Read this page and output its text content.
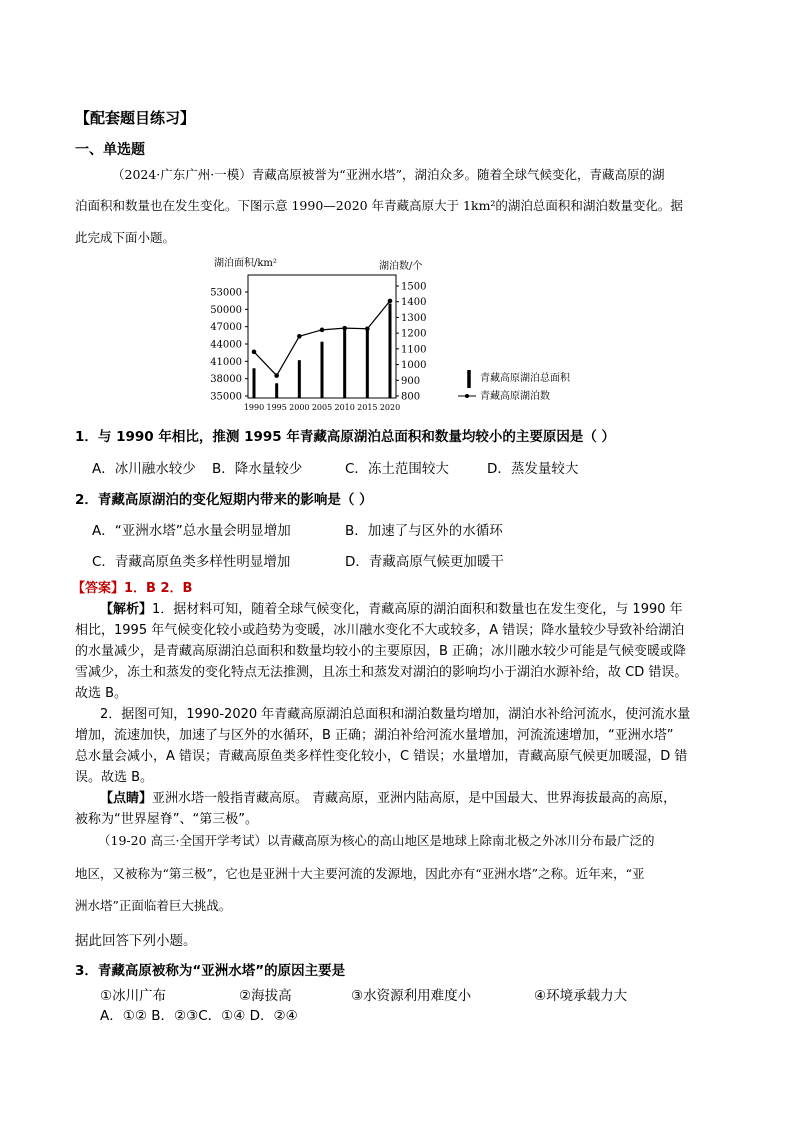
【配套题目练习】
一、单选题
（2024·广东广州·一模）青藏高原被誉为“亚洲水塔”，湖泊众多。随着全球气候变化，青藏高原的湖
泊面积和数量也在发生变化。下图示意 1990—2020 年青藏高原大于 1km²的湖泊总面积和湖泊数量变化。据
此完成下面小题。
湖泊面积/km²	湖泊数/个
53000
50000
47000
44000
41000
38000
35000
1500
1400
1300
1200
1100
1000
900
800
1990 1995 2000 2005 2010 2015 2020
青藏高原湖泊总面积
青藏高原湖泊数
1．与 1990 年相比，推测 1995 年青藏高原湖泊总面积和数量均较小的主要原因是（ ）
A．冰川融水较少 B．降水量较少	C．冻土范围较大	D．蒸发量较大
2．青藏高原湖泊的变化短期内带来的影响是（ ）
A．“亚洲水塔”总水量会明显增加	B．加速了与区外的水循环
C．青藏高原鱼类多样性明显增加	D．青藏高原气候更加暖干
【答案】1．B 2．B
【解析】1．据材料可知，随着全球气候变化，青藏高原的湖泊面积和数量也在发生变化，与 1990 年
相比，1995 年气候变化较小或趋势为变暖，冰川融水变化不大或较多，A 错误；降水量较少导致补给湖泊
的水量减少，是青藏高原湖泊总面积和数量均较小的主要原因，B 正确；冰川融水较少可能是气候变暖或降
雪减少，冻土和蒸发的变化特点无法推测，且冻土和蒸发对湖泊的影响均小于湖泊水源补给，故 CD 错误。
故选 B。
2．据图可知，1990-2020 年青藏高原湖泊总面积和湖泊数量均增加，湖泊水补给河流水，使河流水量
增加，流速加快，加速了与区外的水循环，B 正确；湖泊补给河流水量增加，河流流速增加，“亚洲水塔”
总水量会减小，A 错误；青藏高原鱼类多样性变化较小，C 错误；水量增加，青藏高原气候更加暖湿，D 错
误。故选 B。
【点睛】亚洲水塔一般指青藏高原。 青藏高原，亚洲内陆高原，是中国最大、世界海拔最高的高原，
被称为“世界屋脊”、“第三极”。
（19-20 高三·全国开学考试）以青藏高原为核心的高山地区是地球上除南北极之外冰川分布最广泛的
地区，又被称为“第三极”，它也是亚洲十大主要河流的发源地，因此亦有“亚洲水塔”之称。近年来，“亚
洲水塔”正面临着巨大挑战。
据此回答下列小题。
3．青藏高原被称为“亚洲水塔”的原因主要是
①冰川广布	②海拔高	③水资源利用难度小	④环境承载力大
A．①② B．②③C．①④ D．②④
